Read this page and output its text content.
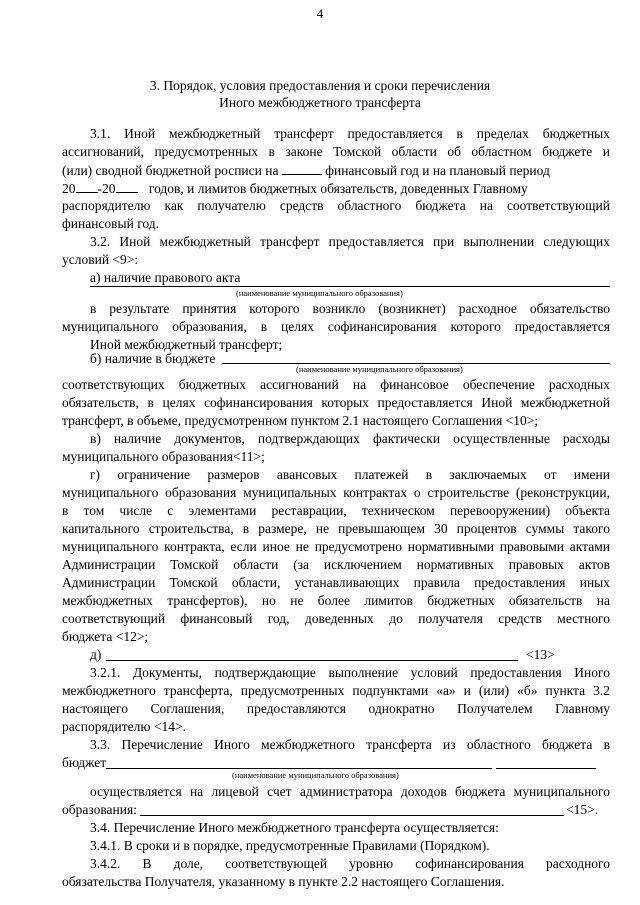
4
3. Порядок, условия предоставления и сроки перечисления
Иного межбюджетного трансферта
3.1. Иной межбюджетный трансферт предоставляется в пределах бюджетных
ассигнований, предусмотренных в законе Томской области об областном бюджете и
(или) сводной бюджетной росписи на	финансовый год и на плановый период
20 -20 годов, и лимитов бюджетных обязательств, доведенных Главному
распорядителю как получателю средств областного бюджета на соответствующий
финансовый год.
3.2. Иной межбюджетный трансферт предоставляется при выполнении следующих
условий <9>:
а) наличие правового акта
(наименование муниципального образования)
в результате принятия которого возникло (возникнет) расходное обязательство
муниципального образования, в целях софинансирования которого предоставляется
Иной межбюджетный трансферт;
б) наличие в бюджете
(наименование муниципального образования)
соответствующих бюджетных ассигнований на финансовое обеспечение расходных
обязательств, в целях софинансирования которых предоставляется Иной межбюджетной
трансферт, в объеме, предусмотренном пунктом 2.1 настоящего Соглашения <10>;
в) наличие документов, подтверждающих фактически осуществленные расходы
муниципального образования<11>;
г) ограничение размеров авансовых платежей в заключаемых от имени
муниципального образования муниципальных контрактах о строительстве (реконструкции,
в том числе с элементами реставрации, техническом перевооружении) объекта
капитального строительства, в размере, не превышающем 30 процентов суммы такого
муниципального контракта, если иное не предусмотрено нормативными правовыми актами
Администрации Томской области (за исключением нормативных правовых актов
Администрации Томской области, устанавливающих правила предоставления иных
межбюджетных трансфертов), но не более лимитов бюджетных обязательств на
соответствующий финансовый год, доведенных до получателя средств местного
бюджета <12>;
д)	<13>
3.2.1. Документы, подтверждающие выполнение условий предоставления Иного
межбюджетного трансферта, предусмотренных подпунктами «а» и (или) «б» пункта 3.2
настоящего Соглашения, предоставляются однократно Получателем Главному
распорядителю <14>.
3.3. Перечисление Иного межбюджетного трансферта из областного бюджета в
бюджет
(наименование муниципального образования)
осуществляется на лицевой счет администратора доходов бюджета муниципального
образования:	<15>.
3.4. Перечисление Иного межбюджетного трансферта осуществляется:
3.4.1. В сроки и в порядке, предусмотренные Правилами (Порядком).
3.4.2. В доле, соответствующей уровню софинансирования расходного
обязательства Получателя, указанному в пункте 2.2 настоящего Соглашения.
